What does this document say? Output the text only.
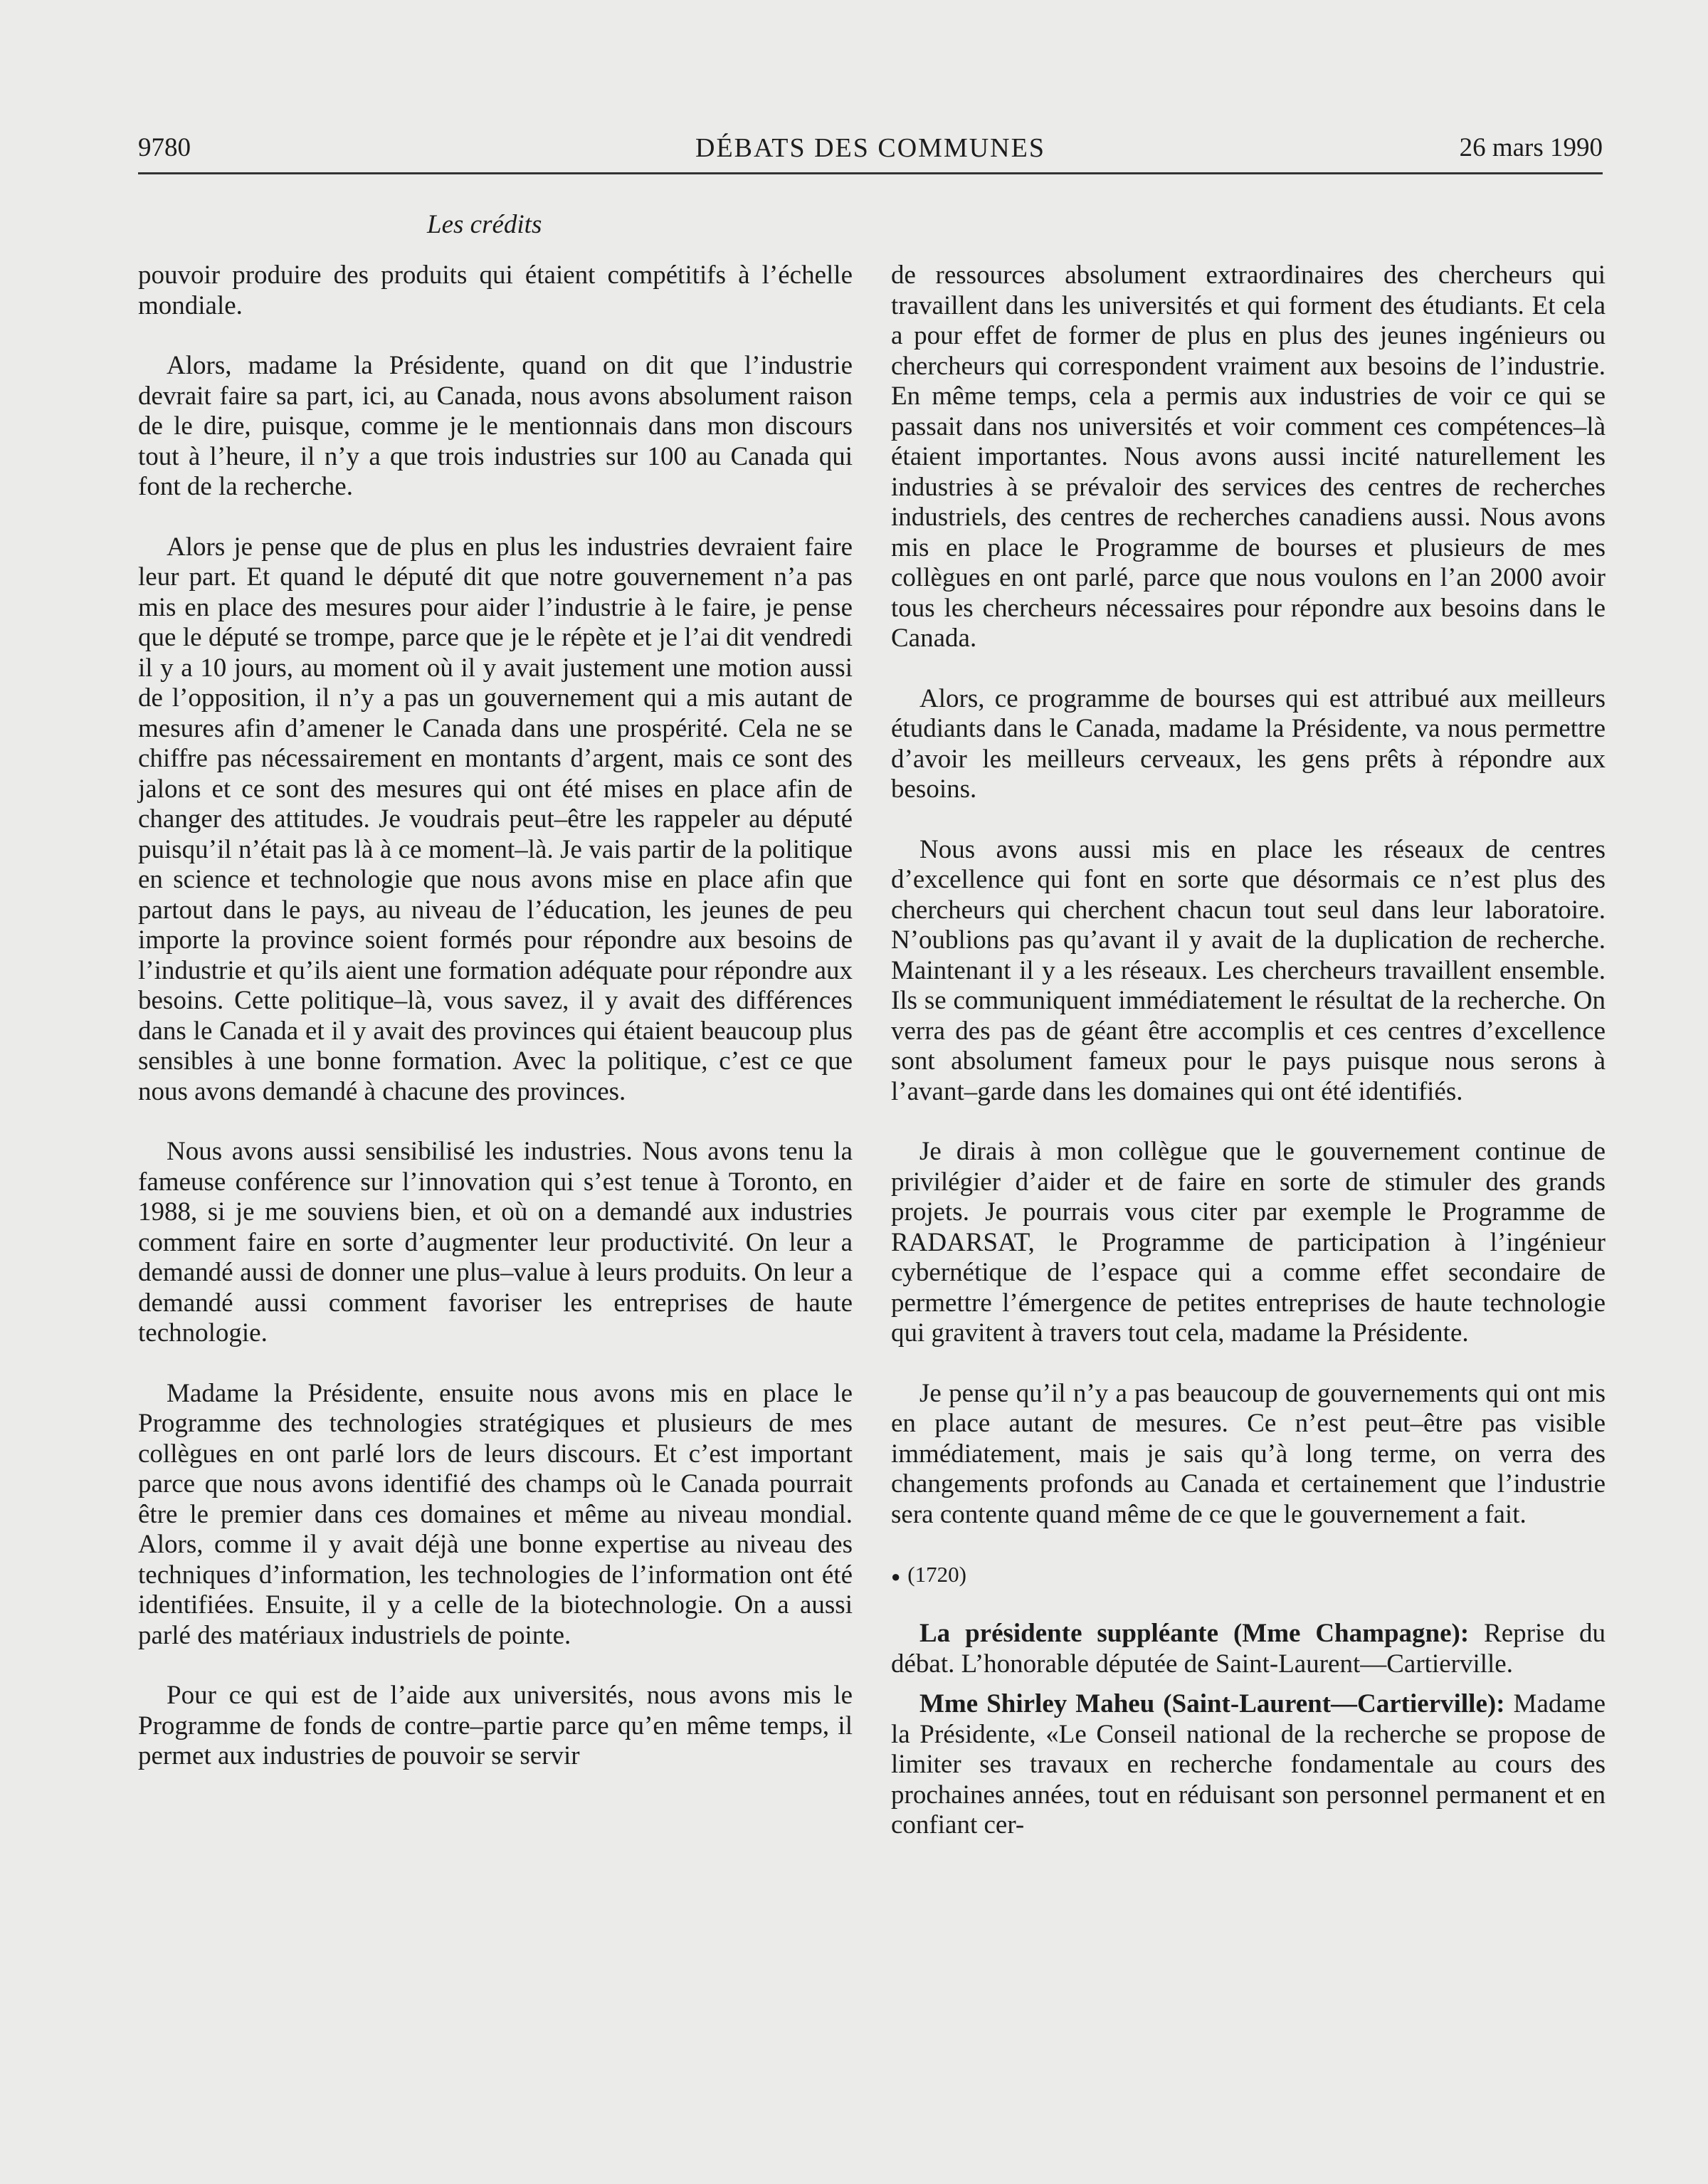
9780	DÉBATS DES COMMUNES	26 mars 1990
Les crédits

pouvoir produire des produits qui étaient compétitifs à l’échelle mondiale.

Alors, madame la Présidente, quand on dit que l’industrie devrait faire sa part, ici, au Canada, nous avons absolument raison de le dire, puisque, comme je le mentionnais dans mon discours tout à l’heure, il n’y a que trois industries sur 100 au Canada qui font de la recherche.

Alors je pense que de plus en plus les industries devraient faire leur part. Et quand le député dit que notre gouvernement n’a pas mis en place des mesures pour aider l’industrie à le faire, je pense que le député se trompe, parce que je le répète et je l’ai dit vendredi il y a 10 jours, au moment où il y avait justement une motion aussi de l’opposition, il n’y a pas un gouvernement qui a mis autant de mesures afin d’amener le Canada dans une prospérité. Cela ne se chiffre pas nécessairement en montants d’argent, mais ce sont des jalons et ce sont des mesures qui ont été mises en place afin de changer des attitudes. Je voudrais peut–être les rappeler au député puisqu’il n’était pas là à ce moment–là. Je vais partir de la politique en science et technologie que nous avons mise en place afin que partout dans le pays, au niveau de l’éducation, les jeunes de peu importe la province soient formés pour répondre aux besoins de l’industrie et qu’ils aient une formation adéquate pour répondre aux besoins. Cette politique–là, vous savez, il y avait des différences dans le Canada et il y avait des provinces qui étaient beaucoup plus sensibles à une bonne formation. Avec la politique, c’est ce que nous avons demandé à chacune des provinces.

Nous avons aussi sensibilisé les industries. Nous avons tenu la fameuse conférence sur l’innovation qui s’est tenue à Toronto, en 1988, si je me souviens bien, et où on a demandé aux industries comment faire en sorte d’augmenter leur productivité. On leur a demandé aussi de donner une plus–value à leurs produits. On leur a demandé aussi comment favoriser les entreprises de haute technologie.

Madame la Présidente, ensuite nous avons mis en place le Programme des technologies stratégiques et plusieurs de mes collègues en ont parlé lors de leurs discours. Et c’est important parce que nous avons identifié des champs où le Canada pourrait être le premier dans ces domaines et même au niveau mondial. Alors, comme il y avait déjà une bonne expertise au niveau des techniques d’information, les technologies de l’information ont été identifiées. Ensuite, il y a celle de la biotechnologie. On a aussi parlé des matériaux industriels de pointe.

Pour ce qui est de l’aide aux universités, nous avons mis le Programme de fonds de contre–partie parce qu’en même temps, il permet aux industries de pouvoir se servir

de ressources absolument extraordinaires des chercheurs qui travaillent dans les universités et qui forment des étudiants. Et cela a pour effet de former de plus en plus des jeunes ingénieurs ou chercheurs qui correspondent vraiment aux besoins de l’industrie. En même temps, cela a permis aux industries de voir ce qui se passait dans nos universités et voir comment ces compétences–là étaient importantes. Nous avons aussi incité naturellement les industries à se prévaloir des services des centres de recherches industriels, des centres de recherches canadiens aussi. Nous avons mis en place le Programme de bourses et plusieurs de mes collègues en ont parlé, parce que nous voulons en l’an 2000 avoir tous les chercheurs nécessaires pour répondre aux besoins dans le Canada.

Alors, ce programme de bourses qui est attribué aux meilleurs étudiants dans le Canada, madame la Présidente, va nous permettre d’avoir les meilleurs cerveaux, les gens prêts à répondre aux besoins.

Nous avons aussi mis en place les réseaux de centres d’excellence qui font en sorte que désormais ce n’est plus des chercheurs qui cherchent chacun tout seul dans leur laboratoire. N’oublions pas qu’avant il y avait de la duplication de recherche. Maintenant il y a les réseaux. Les chercheurs travaillent ensemble. Ils se communiquent immédiatement le résultat de la recherche. On verra des pas de géant être accomplis et ces centres d’excellence sont absolument fameux pour le pays puisque nous serons à l’avant–garde dans les domaines qui ont été identifiés.

Je dirais à mon collègue que le gouvernement continue de privilégier d’aider et de faire en sorte de stimuler des grands projets. Je pourrais vous citer par exemple le Programme de RADARSAT, le Programme de participation à l’ingénieur cybernétique de l’espace qui a comme effet secondaire de permettre l’émergence de petites entreprises de haute technologie qui gravitent à travers tout cela, madame la Présidente.

Je pense qu’il n’y a pas beaucoup de gouvernements qui ont mis en place autant de mesures. Ce n’est peut–être pas visible immédiatement, mais je sais qu’à long terme, on verra des changements profonds au Canada et certainement que l’industrie sera contente quand même de ce que le gouvernement a fait.

● (1720)

La présidente suppléante (Mme Champagne): Reprise du débat. L’honorable députée de Saint-Laurent—Cartierville.

Mme Shirley Maheu (Saint-Laurent—Cartierville): Madame la Présidente, «Le Conseil national de la recherche se propose de limiter ses travaux en recherche fondamentale au cours des prochaines années, tout en réduisant son personnel permanent et en confiant cer-
